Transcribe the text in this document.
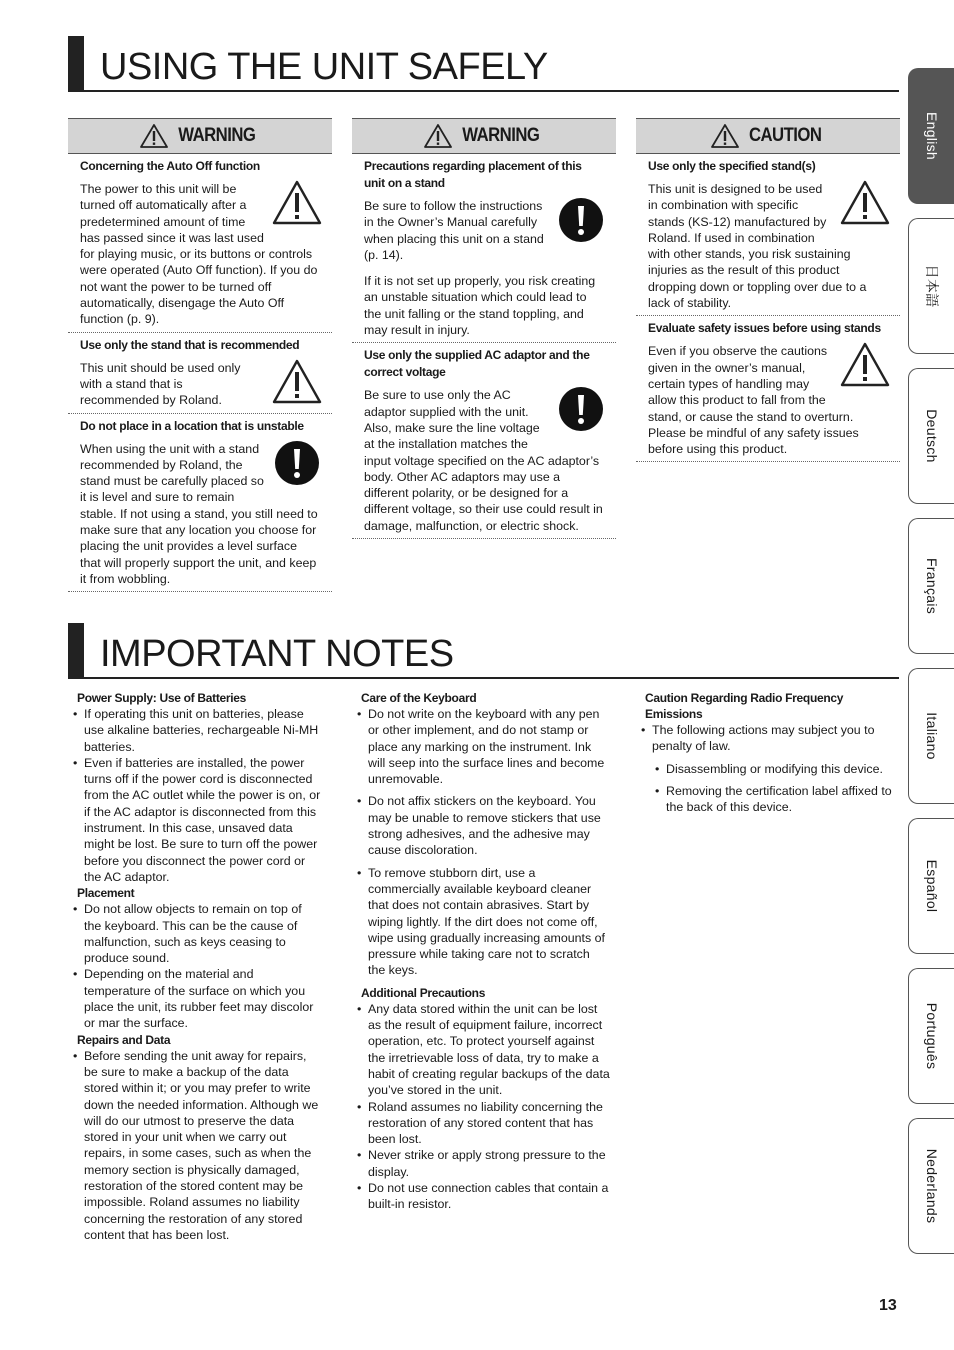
USING THE UNIT SAFELY
WARNING
Concerning the Auto Off function

The power to this unit will be turned off automatically after a predetermined amount of time has passed since it was last used for playing music, or its buttons or controls were operated (Auto Off function). If you do not want the power to be turned off automatically, disengage the Auto Off function (p. 9).

Use only the stand that is recommended

This unit should be used only with a stand that is recommended by Roland.

Do not place in a location that is unstable

When using the unit with a stand recommended by Roland, the stand must be carefully placed so it is level and sure to remain stable. If not using a stand, you still need to make sure that any location you choose for placing the unit provides a level surface that will properly support the unit, and keep it from wobbling.

WARNING
Precautions regarding placement of this unit on a stand

Be sure to follow the instructions in the Owner’s Manual carefully when placing this unit on a stand (p. 14).

If it is not set up properly, you risk creating an unstable situation which could lead to the unit falling or the stand toppling, and may result in injury.

Use only the supplied AC adaptor and the correct voltage

Be sure to use only the AC adaptor supplied with the unit. Also, make sure the line voltage at the installation matches the input voltage specified on the AC adaptor’s body. Other AC adaptors may use a different polarity, or be designed for a different voltage, so their use could result in damage, malfunction, or electric shock.

CAUTION
Use only the specified stand(s)

This unit is designed to be used in combination with specific stands (KS-12) manufactured by Roland. If used in combination with other stands, you risk sustaining injuries as the result of this product dropping down or toppling over due to a lack of stability.

Evaluate safety issues before using stands

Even if you observe the cautions given in the owner’s manual, certain types of handling may allow this product to fall from the stand, or cause the stand to overturn. Please be mindful of any safety issues before using this product.

IMPORTANT NOTES
Power Supply: Use of Batteries
• If operating this unit on batteries, please use alkaline batteries, rechargeable Ni-MH batteries.
• Even if batteries are installed, the power turns off if the power cord is disconnected from the AC outlet while the power is on, or if the AC adaptor is disconnected from this instrument. In this case, unsaved data might be lost. Be sure to turn off the power before you disconnect the power cord or the AC adaptor.
Placement
• Do not allow objects to remain on top of the keyboard. This can be the cause of malfunction, such as keys ceasing to produce sound.
• Depending on the material and temperature of the surface on which you place the unit, its rubber feet may discolor or mar the surface.
Repairs and Data
• Before sending the unit away for repairs, be sure to make a backup of the data stored within it; or you may prefer to write down the needed information. Although we will do our utmost to preserve the data stored in your unit when we carry out repairs, in some cases, such as when the memory section is physically damaged, restoration of the stored content may be impossible. Roland assumes no liability concerning the restoration of any stored content that has been lost.
Care of the Keyboard
• Do not write on the keyboard with any pen or other implement, and do not stamp or place any marking on the instrument. Ink will seep into the surface lines and become unremovable.
• Do not affix stickers on the keyboard. You may be unable to remove stickers that use strong adhesives, and the adhesive may cause discoloration.
• To remove stubborn dirt, use a commercially available keyboard cleaner that does not contain abrasives. Start by wiping lightly. If the dirt does not come off, wipe using gradually increasing amounts of pressure while taking care not to scratch the keys.
Additional Precautions
• Any data stored within the unit can be lost as the result of equipment failure, incorrect operation, etc. To protect yourself against the irretrievable loss of data, try to make a habit of creating regular backups of the data you’ve stored in the unit.
• Roland assumes no liability concerning the restoration of any stored content that has been lost.
• Never strike or apply strong pressure to the display.
• Do not use connection cables that contain a built-in resistor.
Caution Regarding Radio Frequency Emissions
• The following actions may subject you to penalty of law.
• Disassembling or modifying this device.
• Removing the certification label affixed to the back of this device.
English
日本語
Deutsch
Français
Italiano
Español
Português
Nederlands
13
